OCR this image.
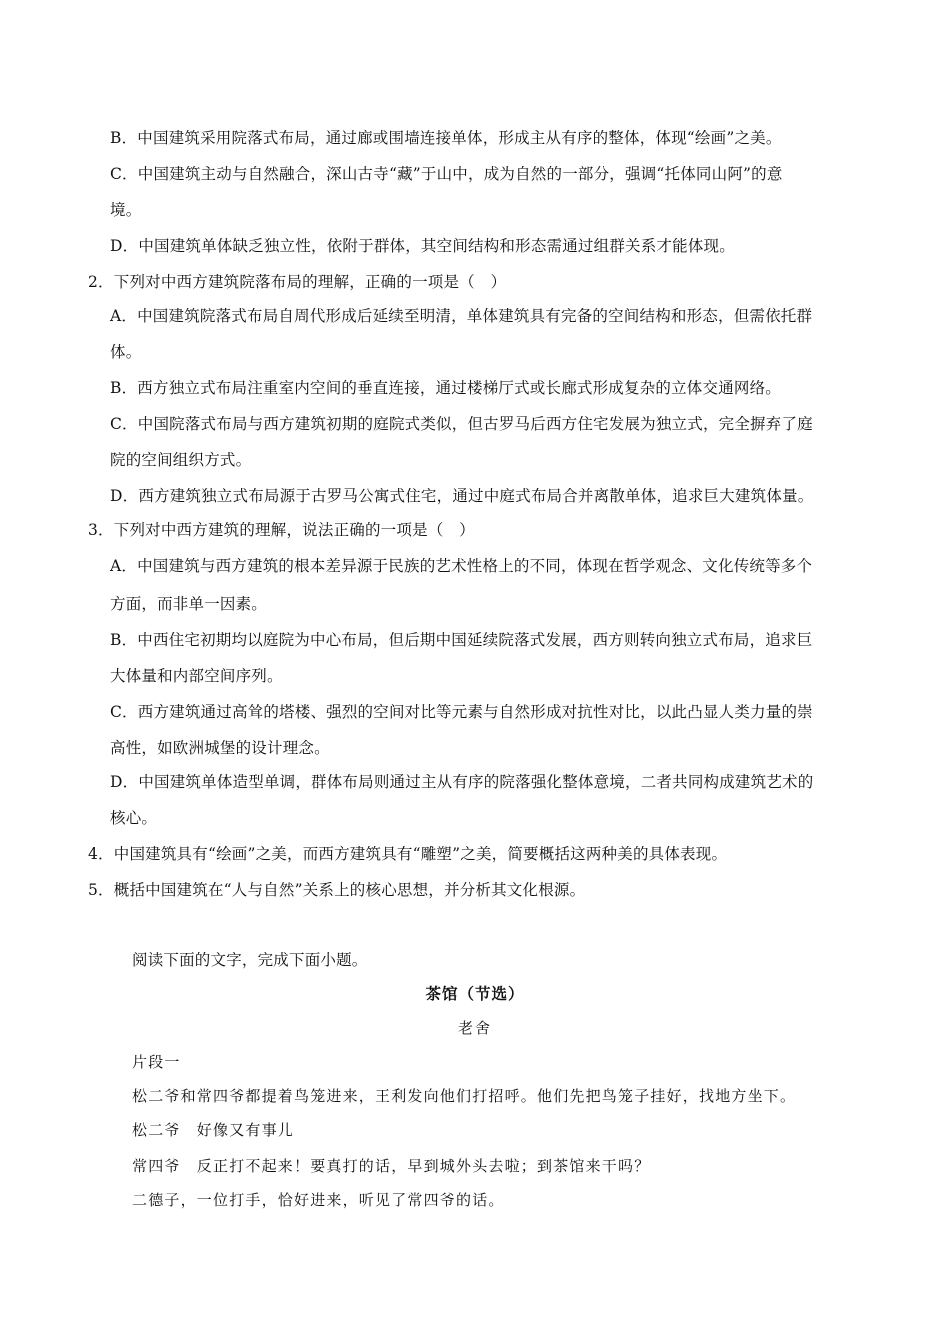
B．中国建筑采用院落式布局，通过廊或围墙连接单体，形成主从有序的整体，体现“绘画”之美。
C．中国建筑主动与自然融合，深山古寺“藏”于山中，成为自然的一部分，强调“托体同山阿”的意
境。
D．中国建筑单体缺乏独立性，依附于群体，其空间结构和形态需通过组群关系才能体现。
2．下列对中西方建筑院落布局的理解，正确的一项是（　）
A．中国建筑院落式布局自周代形成后延续至明清，单体建筑具有完备的空间结构和形态，但需依托群
体。
B．西方独立式布局注重室内空间的垂直连接，通过楼梯厅式或长廊式形成复杂的立体交通网络。
C．中国院落式布局与西方建筑初期的庭院式类似，但古罗马后西方住宅发展为独立式，完全摒弃了庭
院的空间组织方式。
D．西方建筑独立式布局源于古罗马公寓式住宅，通过中庭式布局合并离散单体，追求巨大建筑体量。
3．下列对中西方建筑的理解，说法正确的一项是（　）
A．中国建筑与西方建筑的根本差异源于民族的艺术性格上的不同，体现在哲学观念、文化传统等多个
方面，而非单一因素。
B．中西住宅初期均以庭院为中心布局，但后期中国延续院落式发展，西方则转向独立式布局，追求巨
大体量和内部空间序列。
C．西方建筑通过高耸的塔楼、强烈的空间对比等元素与自然形成对抗性对比，以此凸显人类力量的崇
高性，如欧洲城堡的设计理念。
D．中国建筑单体造型单调，群体布局则通过主从有序的院落强化整体意境，二者共同构成建筑艺术的
核心。
4．中国建筑具有“绘画”之美，而西方建筑具有“雕塑”之美，简要概括这两种美的具体表现。
5．概括中国建筑在“人与自然”关系上的核心思想，并分析其文化根源。
阅读下面的文字，完成下面小题。
茶馆（节选）
老舍
片段一
松二爷和常四爷都提着鸟笼进来，王利发向他们打招呼。他们先把鸟笼子挂好，找地方坐下。
松二爷　好像又有事儿
常四爷　反正打不起来！要真打的话，早到城外头去啦；到茶馆来干吗？
二德子，一位打手，恰好进来，听见了常四爷的话。
